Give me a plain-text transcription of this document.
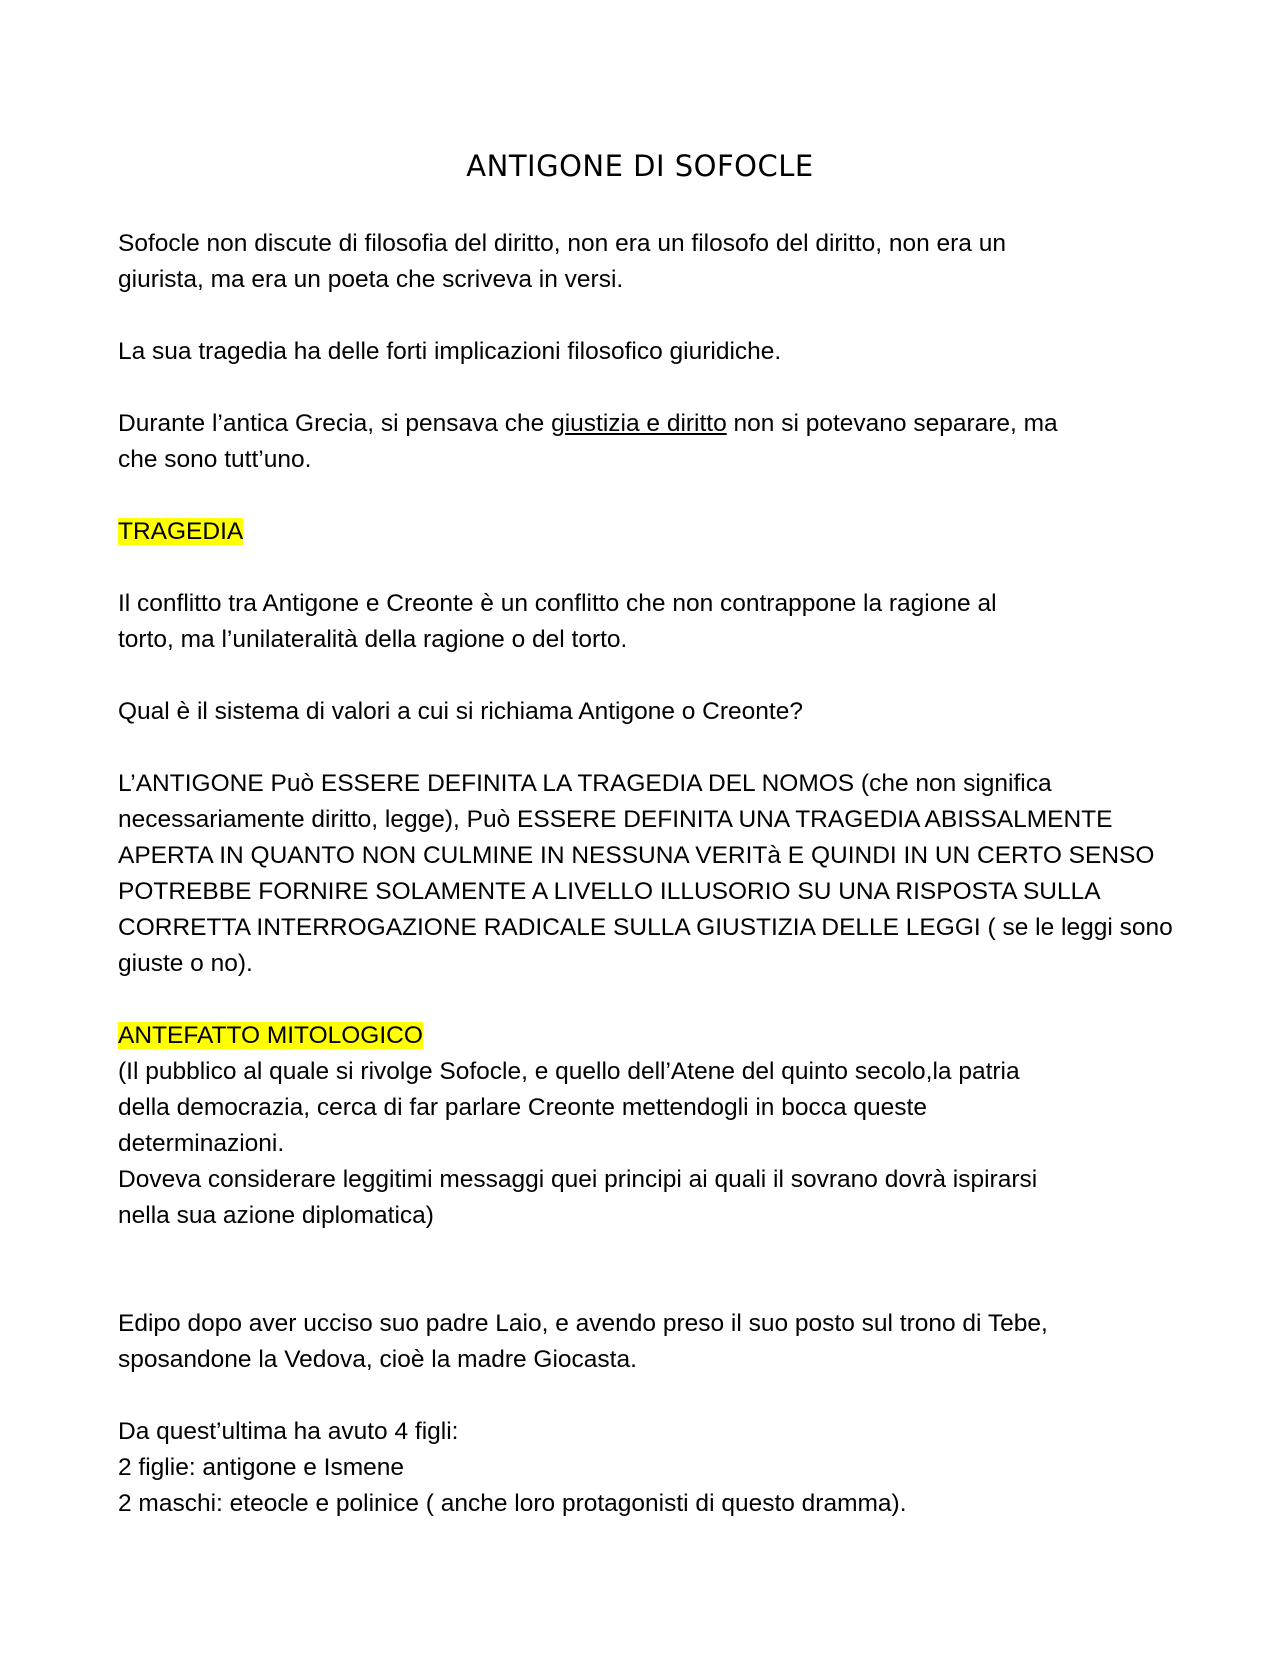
ANTIGONE DI SOFOCLE

Sofocle non discute di filosofia del diritto, non era un filosofo del diritto, non era un
giurista, ma era un poeta che scriveva in versi.

La sua tragedia ha delle forti implicazioni filosofico giuridiche.

Durante l’antica Grecia, si pensava che giustizia e diritto non si potevano separare, ma
che sono tutt’uno.

TRAGEDIA

Il conflitto tra Antigone e Creonte è un conflitto che non contrappone la ragione al
torto, ma l’unilateralità della ragione o del torto.

Qual è il sistema di valori a cui si richiama Antigone o Creonte?

L’ANTIGONE Può ESSERE DEFINITA LA TRAGEDIA DEL NOMOS (che non significa
necessariamente diritto, legge), Può ESSERE DEFINITA UNA TRAGEDIA ABISSALMENTE
APERTA IN QUANTO NON CULMINE IN NESSUNA VERITà E QUINDI IN UN CERTO SENSO
POTREBBE FORNIRE SOLAMENTE A LIVELLO ILLUSORIO SU UNA RISPOSTA SULLA
CORRETTA INTERROGAZIONE RADICALE SULLA GIUSTIZIA DELLE LEGGI ( se le leggi sono
giuste o no).

ANTEFATTO MITOLOGICO

(Il pubblico al quale si rivolge Sofocle, e quello dell’Atene del quinto secolo,la patria
della democrazia, cerca di far parlare Creonte mettendogli in bocca queste
determinazioni.
Doveva considerare leggitimi messaggi quei principi ai quali il sovrano dovrà ispirarsi
nella sua azione diplomatica)

Edipo dopo aver ucciso suo padre Laio, e avendo preso il suo posto sul trono di Tebe,
sposandone la Vedova, cioè la madre Giocasta.

Da quest’ultima ha avuto 4 figli:
2 figlie: antigone e Ismene
2 maschi: eteocle e polinice ( anche loro protagonisti di questo dramma).
